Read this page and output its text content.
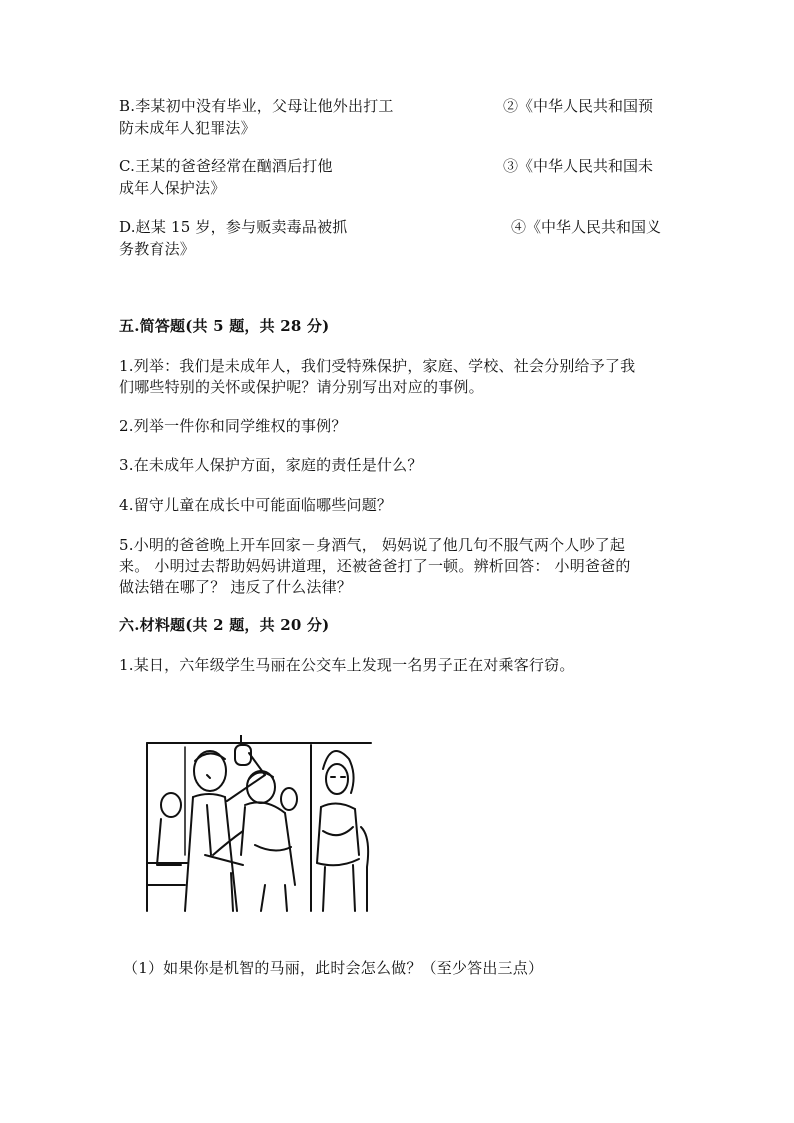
B.李某初中没有毕业，父母让他外出打工	②《中华人民共和国预
防未成年人犯罪法》
C.王某的爸爸经常在酗酒后打他	③《中华人民共和国未
成年人保护法》
D.赵某 15 岁，参与贩卖毒品被抓	④《中华人民共和国义
务教育法》
五.简答题(共 5 题，共 28 分)
1.列举：我们是未成年人，我们受特殊保护，家庭、学校、社会分别给予了我
们哪些特别的关怀或保护呢？请分别写出对应的事例。
2.列举一件你和同学维权的事例？
3.在未成年人保护方面，家庭的责任是什么？
4.留守儿童在成长中可能面临哪些问题？
5.小明的爸爸晚上开车回家－身酒气， 妈妈说了他几句不服气两个人吵了起
来。 小明过去帮助妈妈讲道理，还被爸爸打了一顿。辨析回答： 小明爸爸的
做法错在哪了？ 违反了什么法律？
六.材料题(共 2 题，共 20 分)
1.某日，六年级学生马丽在公交车上发现一名男子正在对乘客行窃。
（1）如果你是机智的马丽，此时会怎么做？（至少答出三点）
